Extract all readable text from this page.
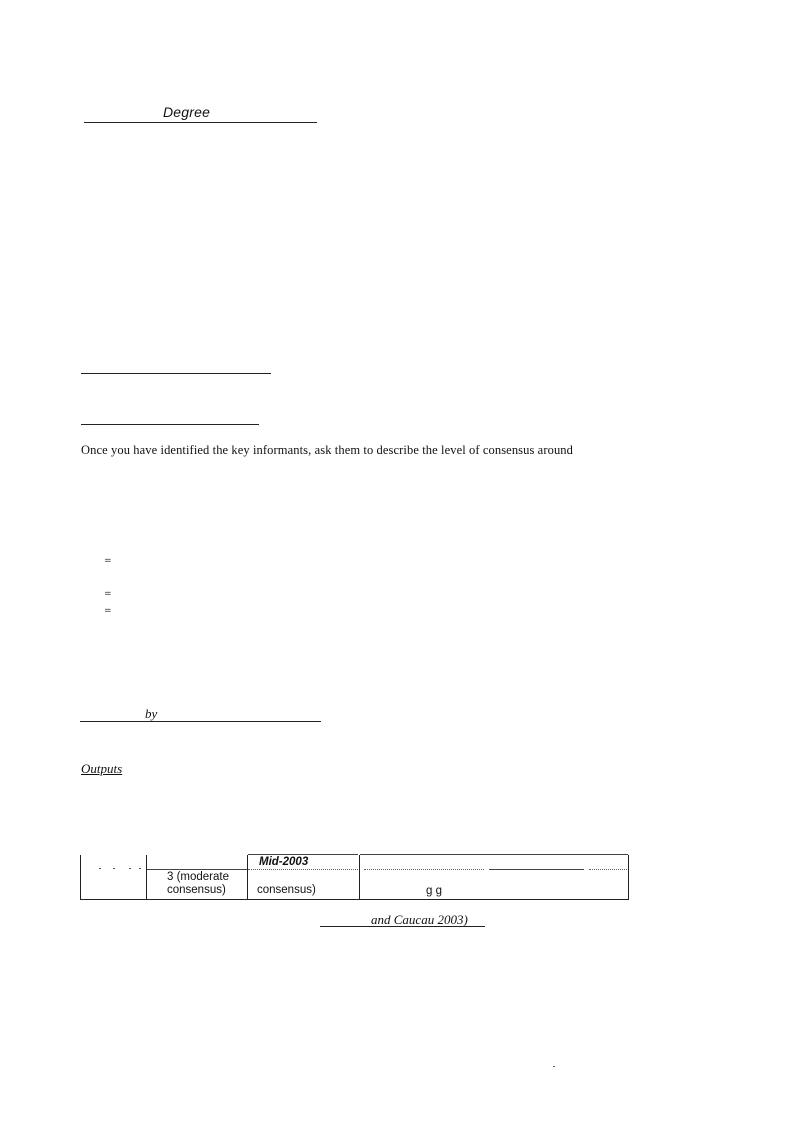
Degree
Once you have identified the key informants, ask them to describe the level of consensus around
=
=
=
by
Outputs
3 (moderate
consensus)
Mid-2003
consensus)	g g
and Caucau 2003)
